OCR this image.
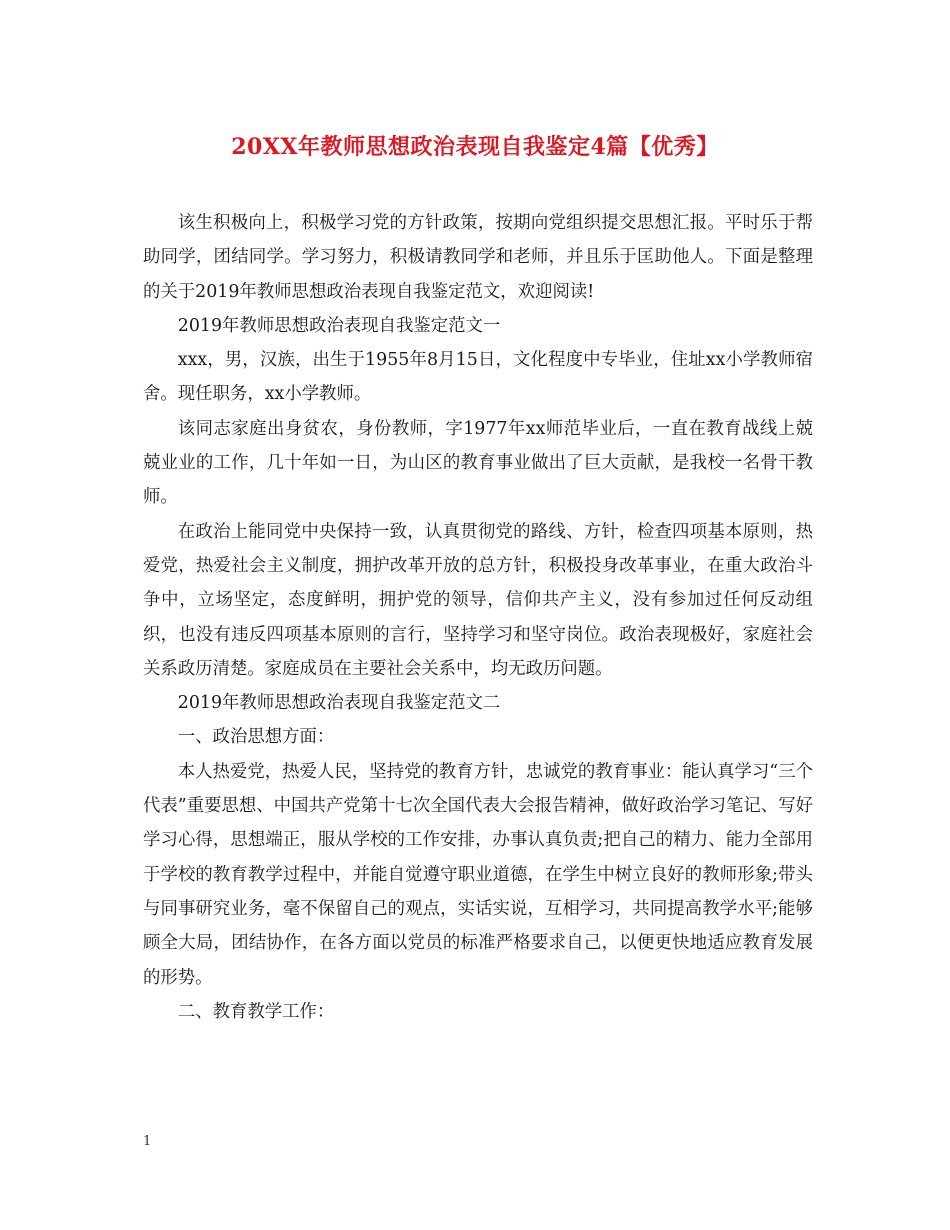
20XX年教师思想政治表现自我鉴定4篇【优秀】

该生积极向上，积极学习党的方针政策，按期向党组织提交思想汇报。平时乐于帮助同学，团结同学。学习努力，积极请教同学和老师，并且乐于匡助他人。下面是整理的关于2019年教师思想政治表现自我鉴定范文，欢迎阅读!

2019年教师思想政治表现自我鉴定范文一

xxx，男，汉族，出生于1955年8月15日，文化程度中专毕业，住址xx小学教师宿舍。现任职务，xx小学教师。

该同志家庭出身贫农，身份教师，字1977年xx师范毕业后，一直在教育战线上兢兢业业的工作，几十年如一日，为山区的教育事业做出了巨大贡献，是我校一名骨干教师。

在政治上能同党中央保持一致，认真贯彻党的路线、方针，检查四项基本原则，热爱党，热爱社会主义制度，拥护改革开放的总方针，积极投身改革事业，在重大政治斗争中，立场坚定，态度鲜明，拥护党的领导，信仰共产主义，没有参加过任何反动组织，也没有违反四项基本原则的言行，坚持学习和坚守岗位。政治表现极好，家庭社会关系政历清楚。家庭成员在主要社会关系中，均无政历问题。

2019年教师思想政治表现自我鉴定范文二

一、政治思想方面：

本人热爱党，热爱人民，坚持党的教育方针，忠诚党的教育事业：能认真学习“三个代表”重要思想、中国共产党第十七次全国代表大会报告精神，做好政治学习笔记、写好学习心得，思想端正，服从学校的工作安排，办事认真负责;把自己的精力、能力全部用于学校的教育教学过程中，并能自觉遵守职业道德，在学生中树立良好的教师形象;带头与同事研究业务，毫不保留自己的观点，实话实说，互相学习，共同提高教学水平;能够顾全大局，团结协作，在各方面以党员的标准严格要求自己，以便更快地适应教育发展的形势。

二、教育教学工作：

1
